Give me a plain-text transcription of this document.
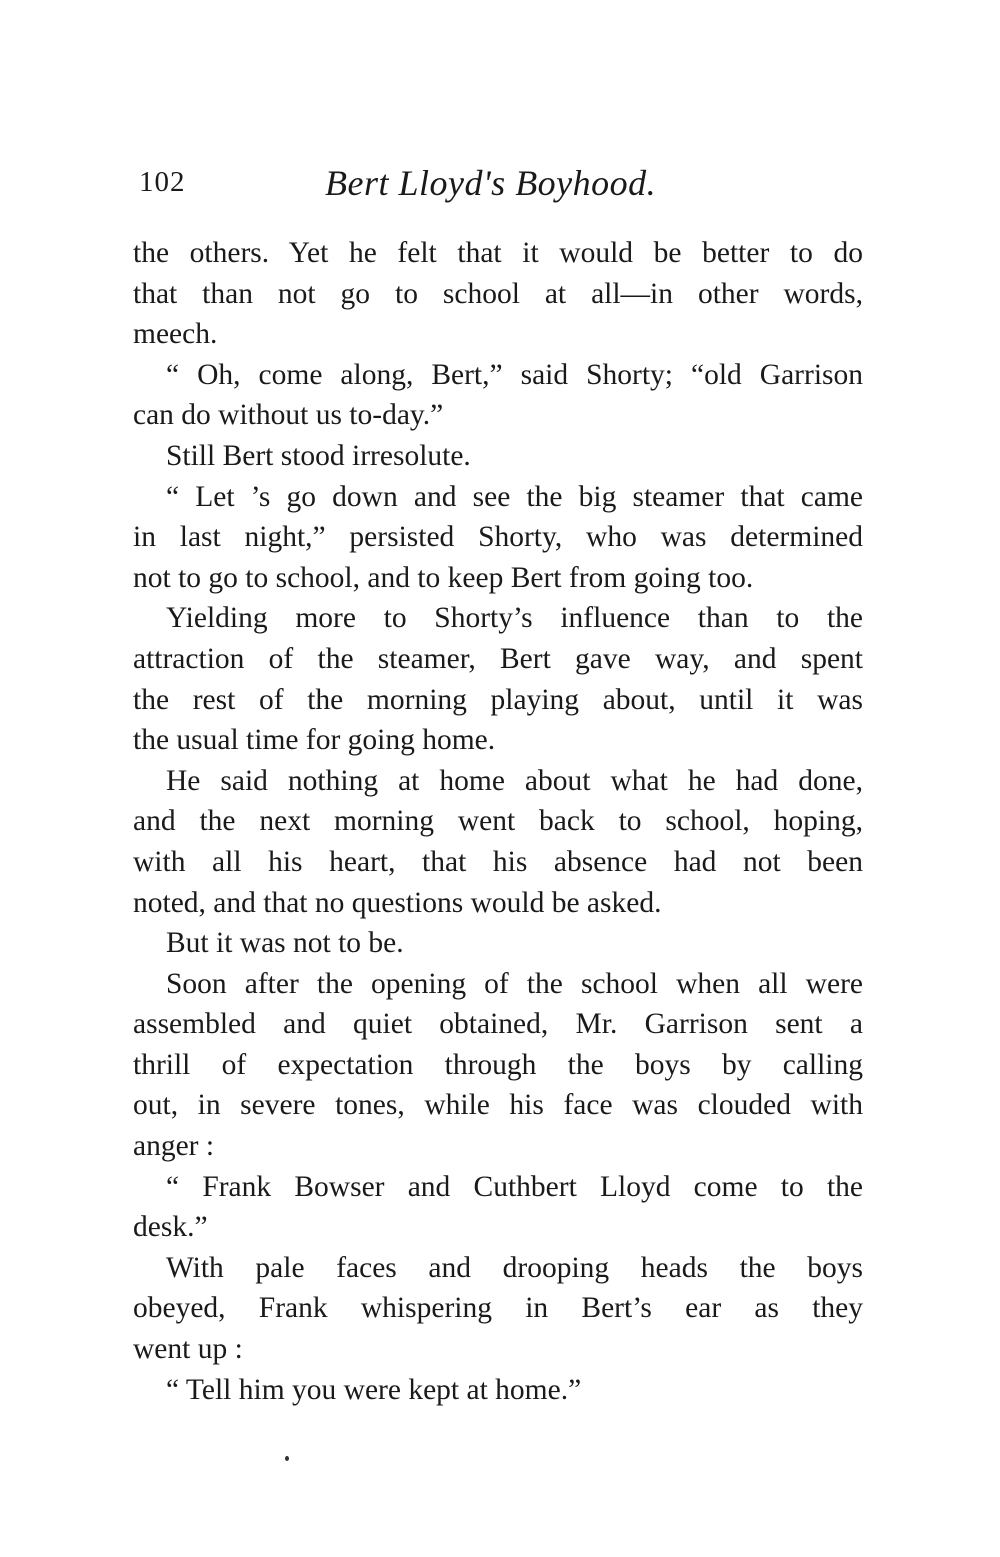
102	Bert Lloyd's Boyhood.
the others. Yet he felt that it would be better to do
that than not go to school at all—in other words,
meech.
“ Oh, come along, Bert,” said Shorty; “old Garrison
can do without us to-day.”
Still Bert stood irresolute.
“ Let ’s go down and see the big steamer that came
in last night,” persisted Shorty, who was determined
not to go to school, and to keep Bert from going too.
Yielding more to Shorty’s influence than to the
attraction of the steamer, Bert gave way, and spent
the rest of the morning playing about, until it was
the usual time for going home.
He said nothing at home about what he had done,
and the next morning went back to school, hoping,
with all his heart, that his absence had not been
noted, and that no questions would be asked.
But it was not to be.
Soon after the opening of the school when all were
assembled and quiet obtained, Mr. Garrison sent a
thrill of expectation through the boys by calling
out, in severe tones, while his face was clouded with
anger :
“ Frank Bowser and Cuthbert Lloyd come to the
desk.”
With pale faces and drooping heads the boys
obeyed, Frank whispering in Bert’s ear as they
went up :
“ Tell him you were kept at home.”
